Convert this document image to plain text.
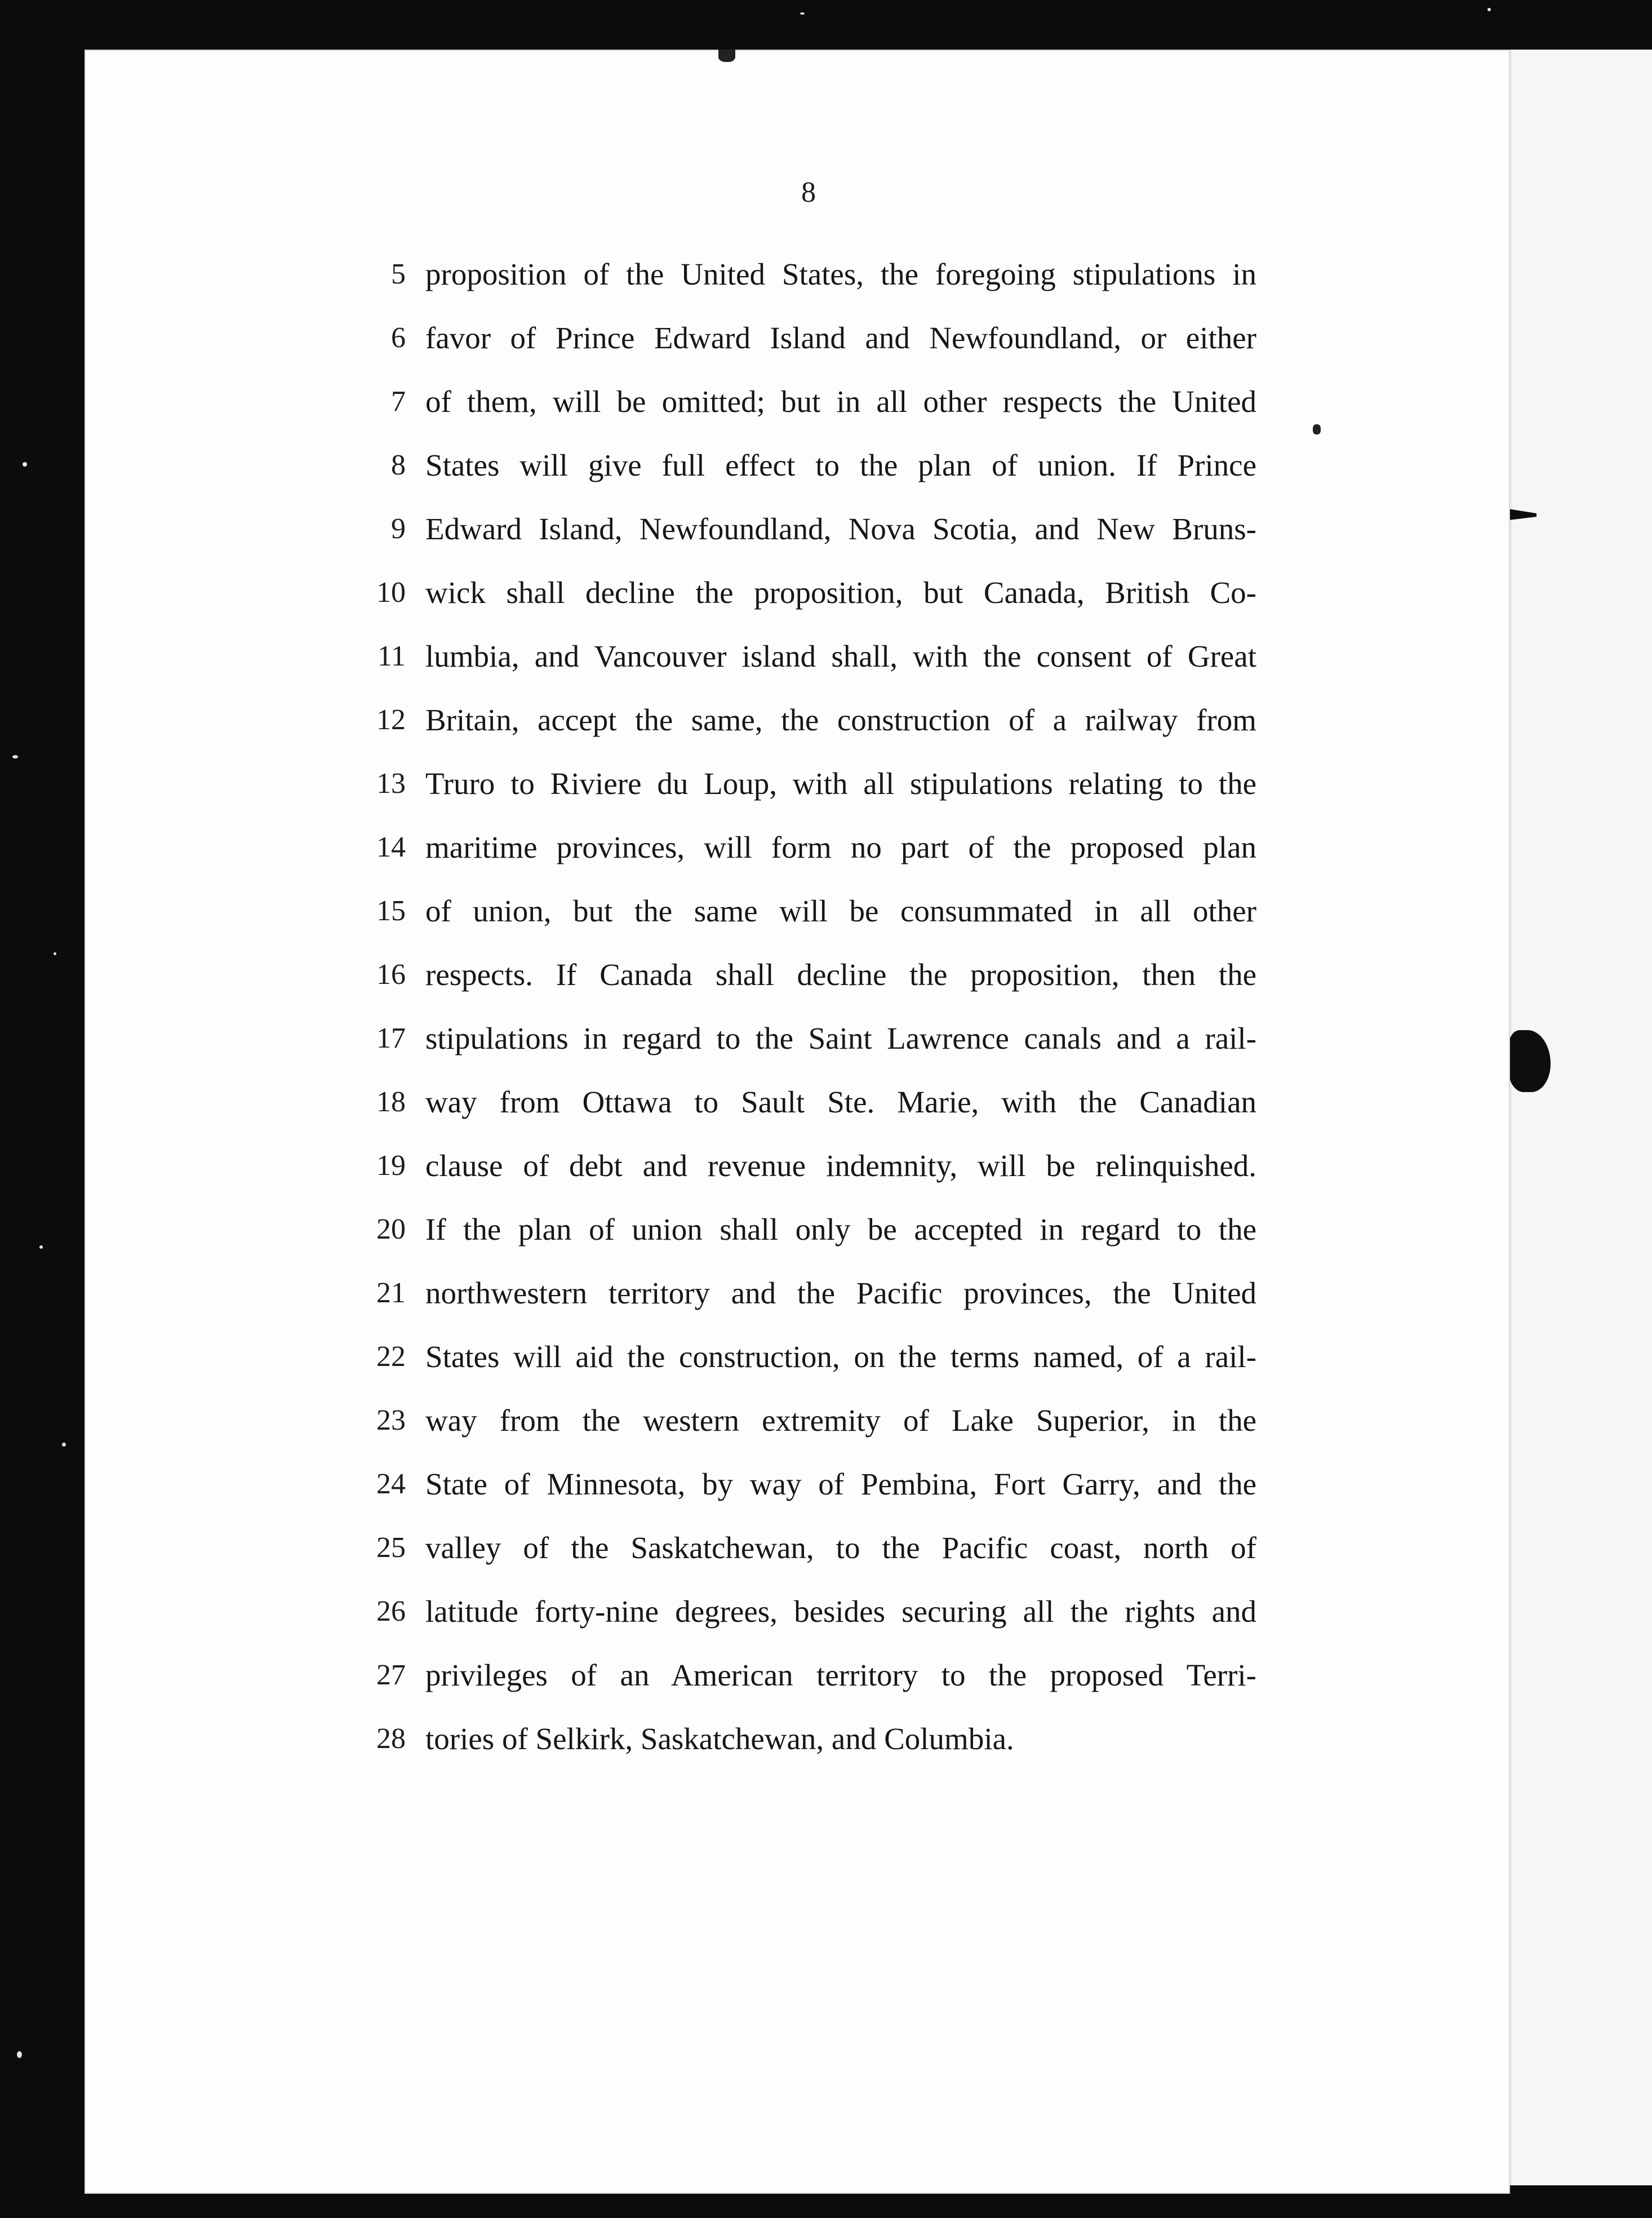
8
5 proposition of the United States, the foregoing stipulations in
6 favor of Prince Edward Island and Newfoundland, or either
7 of them, will be omitted; but in all other respects the United
8 States will give full effect to the plan of union. If Prince
9 Edward Island, Newfoundland, Nova Scotia, and New Bruns-
10 wick shall decline the proposition, but Canada, British Co-
11 lumbia, and Vancouver island shall, with the consent of Great
12 Britain, accept the same, the construction of a railway from
13 Truro to Riviere du Loup, with all stipulations relating to the
14 maritime provinces, will form no part of the proposed plan
15 of union, but the same will be consummated in all other
16 respects. If Canada shall decline the proposition, then the
17 stipulations in regard to the Saint Lawrence canals and a rail-
18 way from Ottawa to Sault Ste. Marie, with the Canadian
19 clause of debt and revenue indemnity, will be relinquished.
20 If the plan of union shall only be accepted in regard to the
21 northwestern territory and the Pacific provinces, the United
22 States will aid the construction, on the terms named, of a rail-
23 way from the western extremity of Lake Superior, in the
24 State of Minnesota, by way of Pembina, Fort Garry, and the
25 valley of the Saskatchewan, to the Pacific coast, north of
26 latitude forty-nine degrees, besides securing all the rights and
27 privileges of an American territory to the proposed Terri-
28 tories of Selkirk, Saskatchewan, and Columbia.
